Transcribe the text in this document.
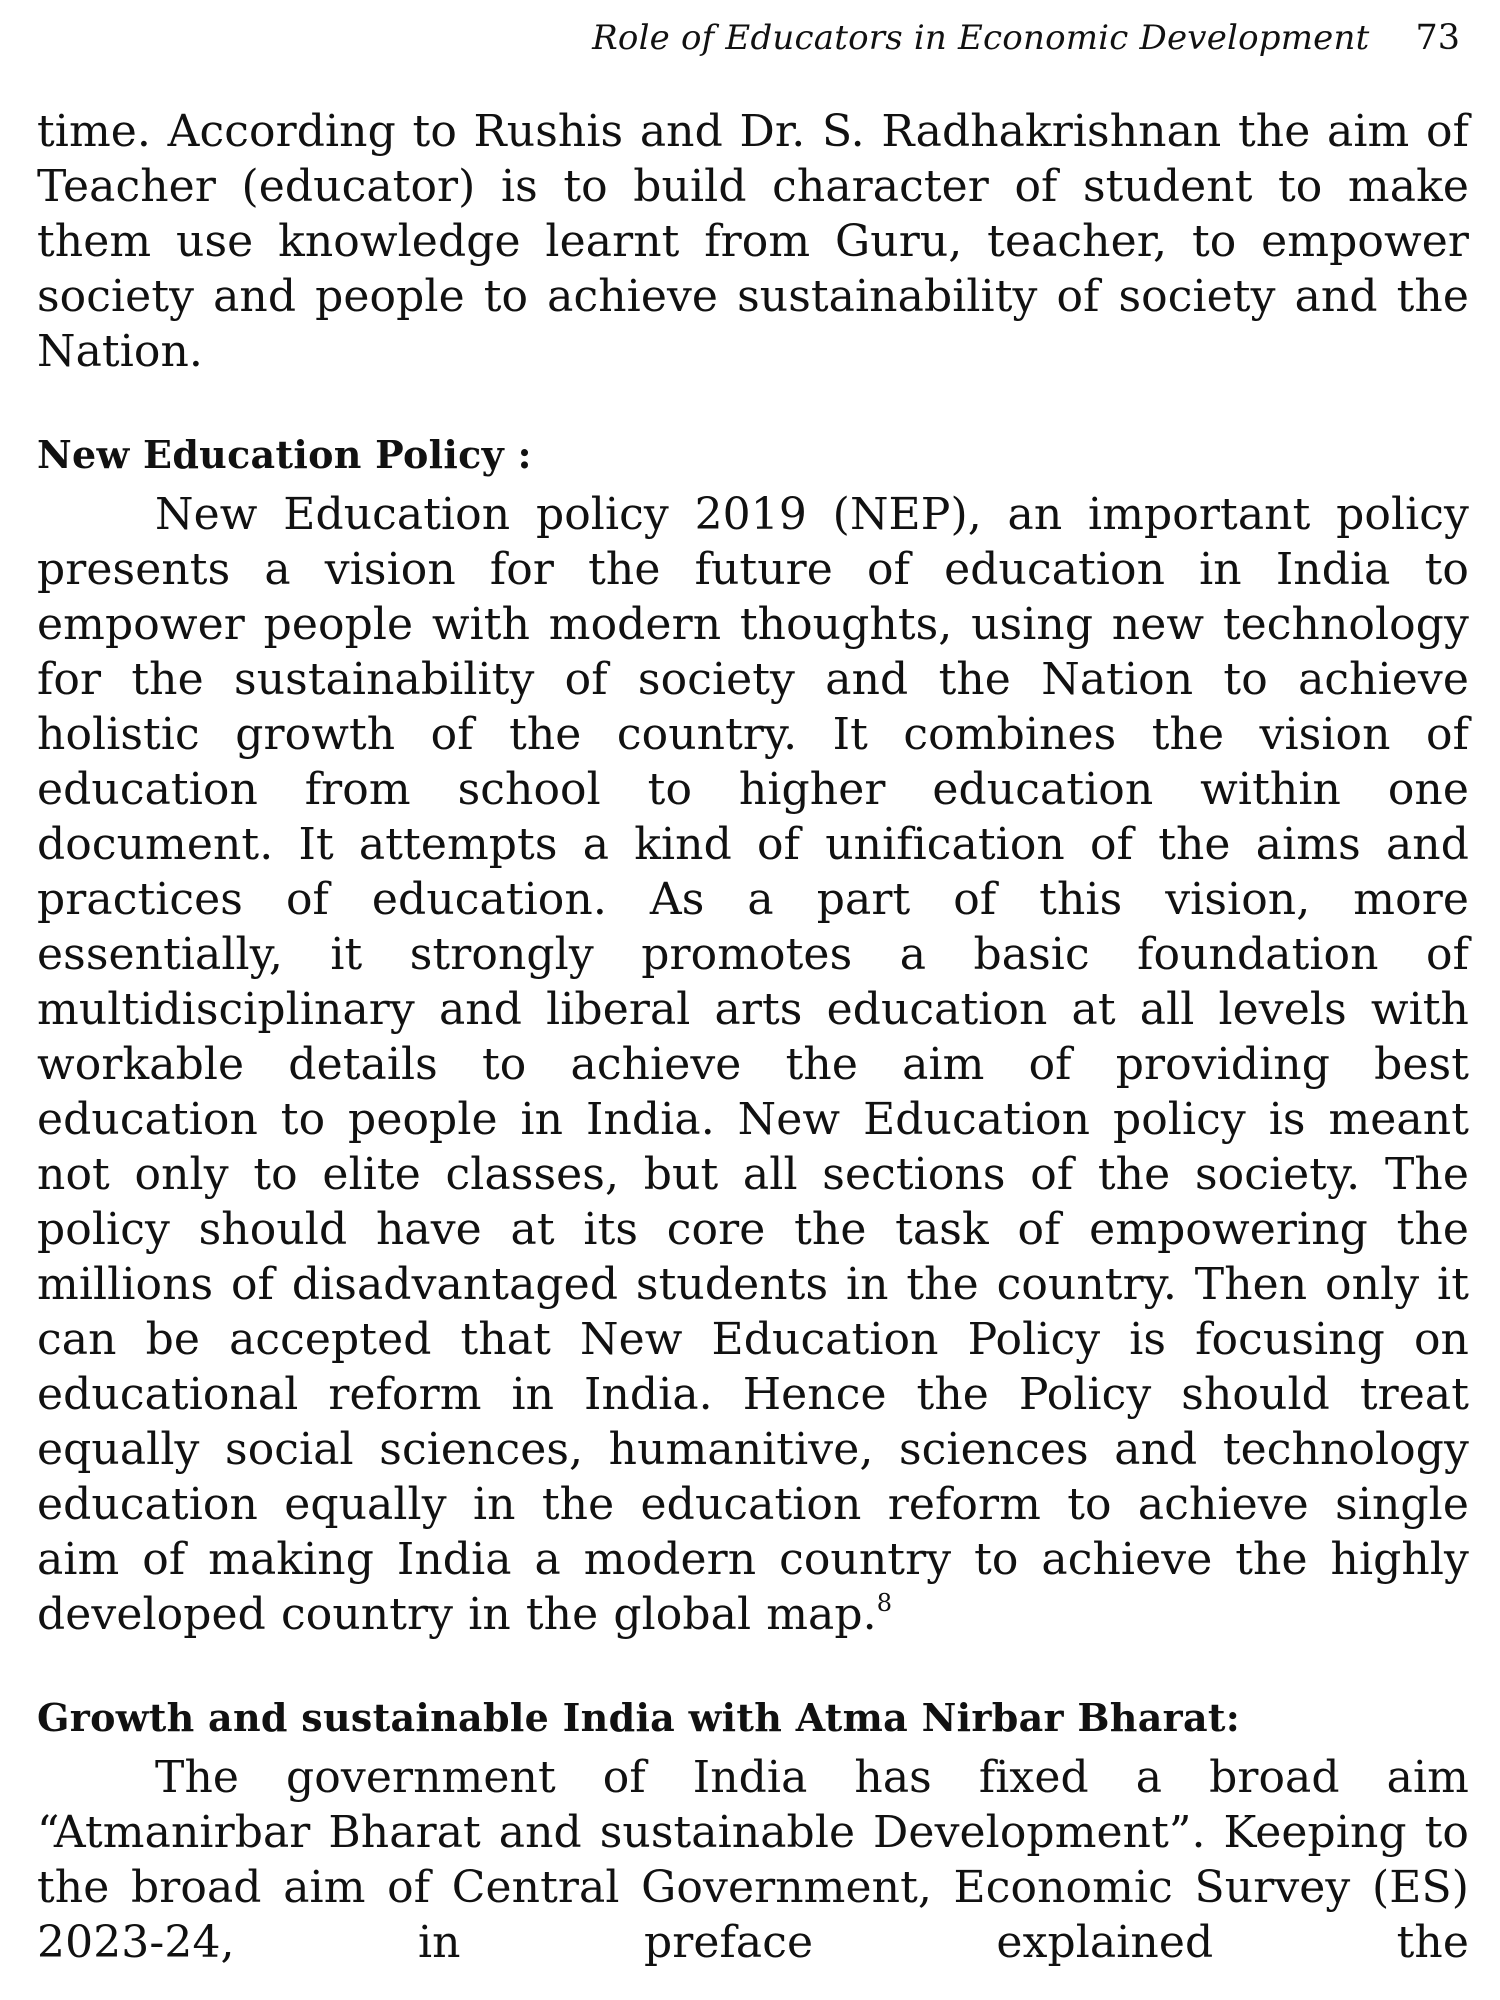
Role of Educators in Economic Development 73

time. According to Rushis and Dr. S. Radhakrishnan the aim of Teacher (educator) is to build character of student to make them use knowledge learnt from Guru, teacher, to empower society and people to achieve sustainability of society and the Nation.

New Education Policy :

New Education policy 2019 (NEP), an important policy presents a vision for the future of education in India to empower people with modern thoughts, using new technology for the sustainability of society and the Nation to achieve holistic growth of the country. It combines the vision of education from school to higher education within one document. It attempts a kind of unification of the aims and practices of education. As a part of this vision, more essentially, it strongly promotes a basic foundation of multidisciplinary and liberal arts education at all levels with workable details to achieve the aim of providing best education to people in India. New Education policy is meant not only to elite classes, but all sections of the society. The policy should have at its core the task of empowering the millions of disadvantaged students in the country. Then only it can be accepted that New Education Policy is focusing on educational reform in India. Hence the Policy should treat equally social sciences, humanitive, sciences and technology education equally in the education reform to achieve single aim of making India a modern country to achieve the highly developed country in the global map.$^8$

Growth and sustainable India with Atma Nirbar Bharat:

The government of India has fixed a broad aim “Atmanirbar Bharat and sustainable Development”. Keeping to the broad aim of Central Government, Economic Survey (ES) 2023-24, in preface explained the
